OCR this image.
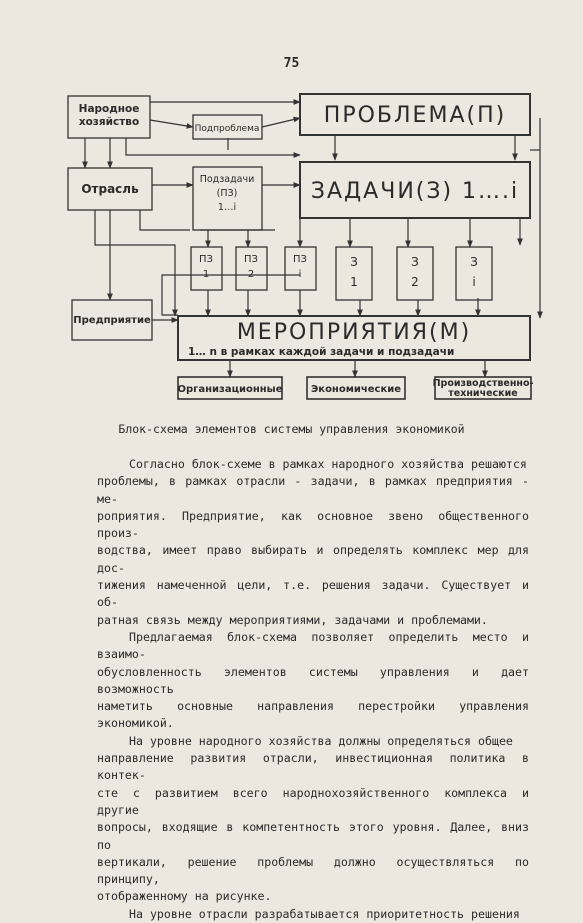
75
Народное хозяйство
Подпроблема
ПРОБЛЕМА(П)
Отрасль
Подзадачи (ПЗ) 1…i
ЗАДАЧИ(З) 1….i
ПЗ 1
ПЗ 2
ПЗ i
З 1
З 2
З i
Предприятие	МЕРОПРИЯТИЯ(М)
1… n в рамках каждой задачи и подзадачи
Организационные	Экономические
Производственно-технические
Блок-схема элементов системы управления экономикой

Согласно блок-схеме в рамках народного хозяйства решаются
проблемы, в рамках отрасли - задачи, в рамках предприятия - ме-
роприятия. Предприятие, как основное звено общественного произ-
водства, имеет право выбирать и определять комплекс мер для дос-
тижения намеченной цели, т.е. решения задачи. Существует и об-
ратная связь между мероприятиями, задачами и проблемами.

Предлагаемая блок-схема позволяет определить место и взаимо-
обусловленность элементов системы управления и дает возможность
наметить основные направления перестройки управления экономикой.

На уровне народного хозяйства должны определяться общее
направление развития отрасли, инвестиционная политика в контек-
сте с развитием всего народнохозяйственного комплекса и другие
вопросы, входящие в компетентность этого уровня. Далее, вниз по
вертикали, решение проблемы должно осуществляться по принципу,
отображенному на рисунке.

На уровне отрасли разрабатывается приоритетность решения
